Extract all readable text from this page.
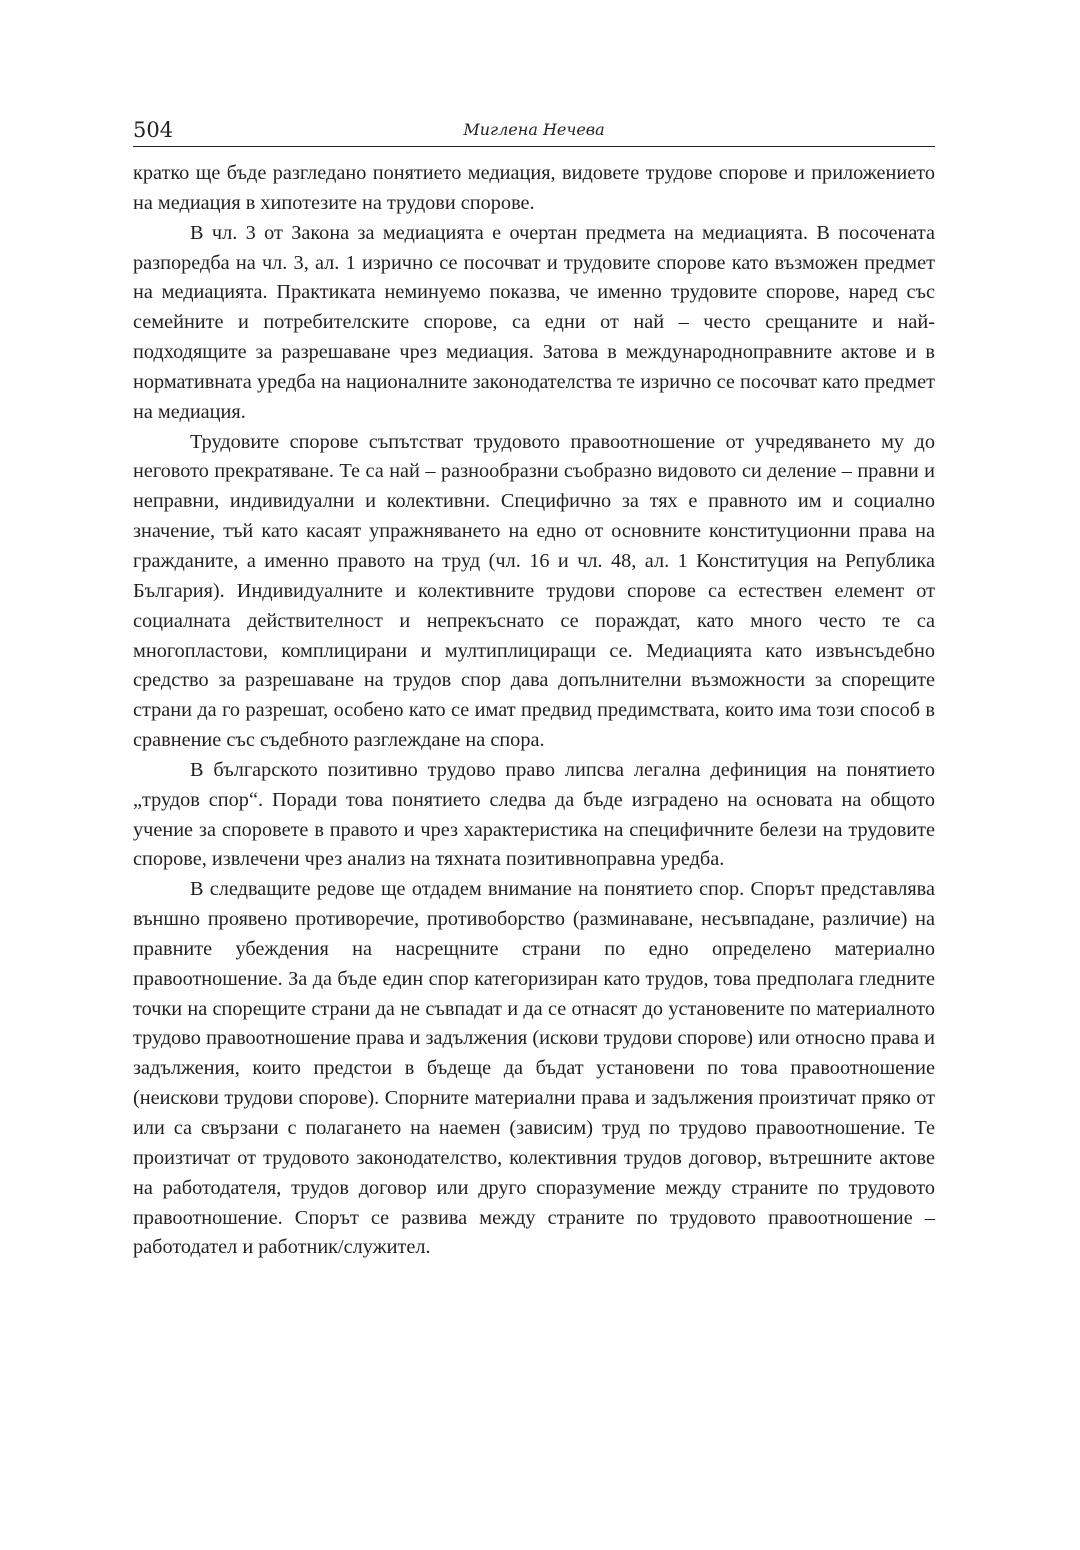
504	Миглена Нечева

кратко ще бъде разгледано понятието медиация, видовете трудове спорове и приложението на медиация в хипотезите на трудови спорове.

В чл. 3 от Закона за медиацията е очертан предмета на медиацията. В посочената разпоредба на чл. 3, ал. 1 изрично се посочват и трудовите спорове като възможен предмет на медиацията. Практиката неминуемо показва, че именно трудовите спорове, наред със семейните и потребителските спорове, са едни от най – често срещаните и най-подходящите за разрешаване чрез медиация. Затова в международноправните актове и в нормативната уредба на националните законодателства те изрично се посочват като предмет на медиация.

Трудовите спорове съпътстват трудовото правоотношение от учредяването му до неговото прекратяване. Те са най – разнообразни съобразно видовото си деление – правни и неправни, индивидуални и колективни. Специфично за тях е правното им и социално значение, тъй като касаят упражняването на едно от основните конституционни права на гражданите, а именно правото на труд (чл. 16 и чл. 48, ал. 1 Конституция на Република България). Индивидуалните и колективните трудови спорове са естествен елемент от социалната действителност и непрекъснато се пораждат, като много често те са многопластови, комплицирани и мултиплициращи се. Медиацията като извънсъдебно средство за разрешаване на трудов спор дава допълнителни възможности за спорещите страни да го разрешат, особено като се имат предвид предимствата, които има този способ в сравнение със съдебното разглеждане на спора.

В българското позитивно трудово право липсва легална дефиниция на понятието „трудов спор“. Поради това понятието следва да бъде изградено на основата на общото учение за споровете в правото и чрез характеристика на специфичните белези на трудовите спорове, извлечени чрез анализ на тяхната позитивноправна уредба.

В следващите редове ще отдадем внимание на понятието спор. Спорът представлява външно проявено противоречие, противоборство (разминаване, несъвпадане, различие) на правните убеждения на насрещните страни по едно определено материално правоотношение. За да бъде един спор категоризиран като трудов, това предполага гледните точки на спорещите страни да не съвпадат и да се отнасят до установените по материалното трудово правоотношение права и задължения (искови трудови спорове) или относно права и задължения, които предстои в бъдеще да бъдат установени по това правоотношение (неискови трудови спорове). Спорните материални права и задължения произтичат пряко от или са свързани с полагането на наемен (зависим) труд по трудово правоотношение. Те произтичат от трудовото законодателство, колективния трудов договор, вътрешните актове на работодателя, трудов договор или друго споразумение между страните по трудовото правоотношение. Спорът се развива между страните по трудовото правоотношение – работодател и работник/служител.
